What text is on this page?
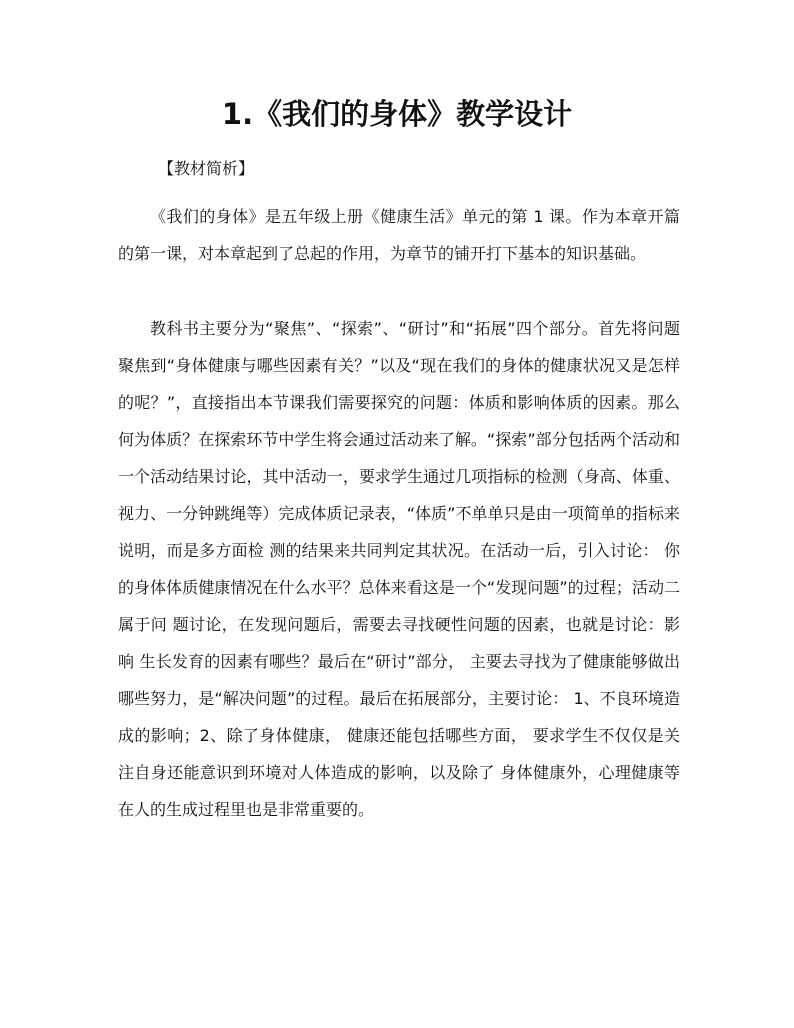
1.《我们的身体》教学设计

【教材简析】

《我们的身体》是五年级上册《健康生活》单元的第 1 课。作为本章开篇的第一课，对本章起到了总起的作用，为章节的铺开打下基本的知识基础。

教科书主要分为“聚焦”、“探索”、“研讨”和“拓展”四个部分。首先将问题聚焦到“身体健康与哪些因素有关？”以及“现在我们的身体的健康状况又是怎样的呢？”，直接指出本节课我们需要探究的问题：体质和影响体质的因素。那么何为体质？在探索环节中学生将会通过活动来了解。“探索”部分包括两个活动和一个活动结果讨论，其中活动一，要求学生通过几项指标的检测（身高、体重、视力、一分钟跳绳等）完成体质记录表，“体质”不单单只是由一项简单的指标来说明，而是多方面检 测的结果来共同判定其状况。在活动一后，引入讨论： 你的身体体质健康情况在什么水平？总体来看这是一个“发现问题”的过程；活动二属于问 题讨论，在发现问题后，需要去寻找硬性问题的因素，也就是讨论：影响 生长发育的因素有哪些？最后在“研讨”部分， 主要去寻找为了健康能够做出哪些努力，是“解决问题”的过程。最后在拓展部分，主要讨论： 1、不良环境造成的影响；2、除了身体健康， 健康还能包括哪些方面， 要求学生不仅仅是关注自身还能意识到环境对人体造成的影响，以及除了 身体健康外，心理健康等在人的生成过程里也是非常重要的。
